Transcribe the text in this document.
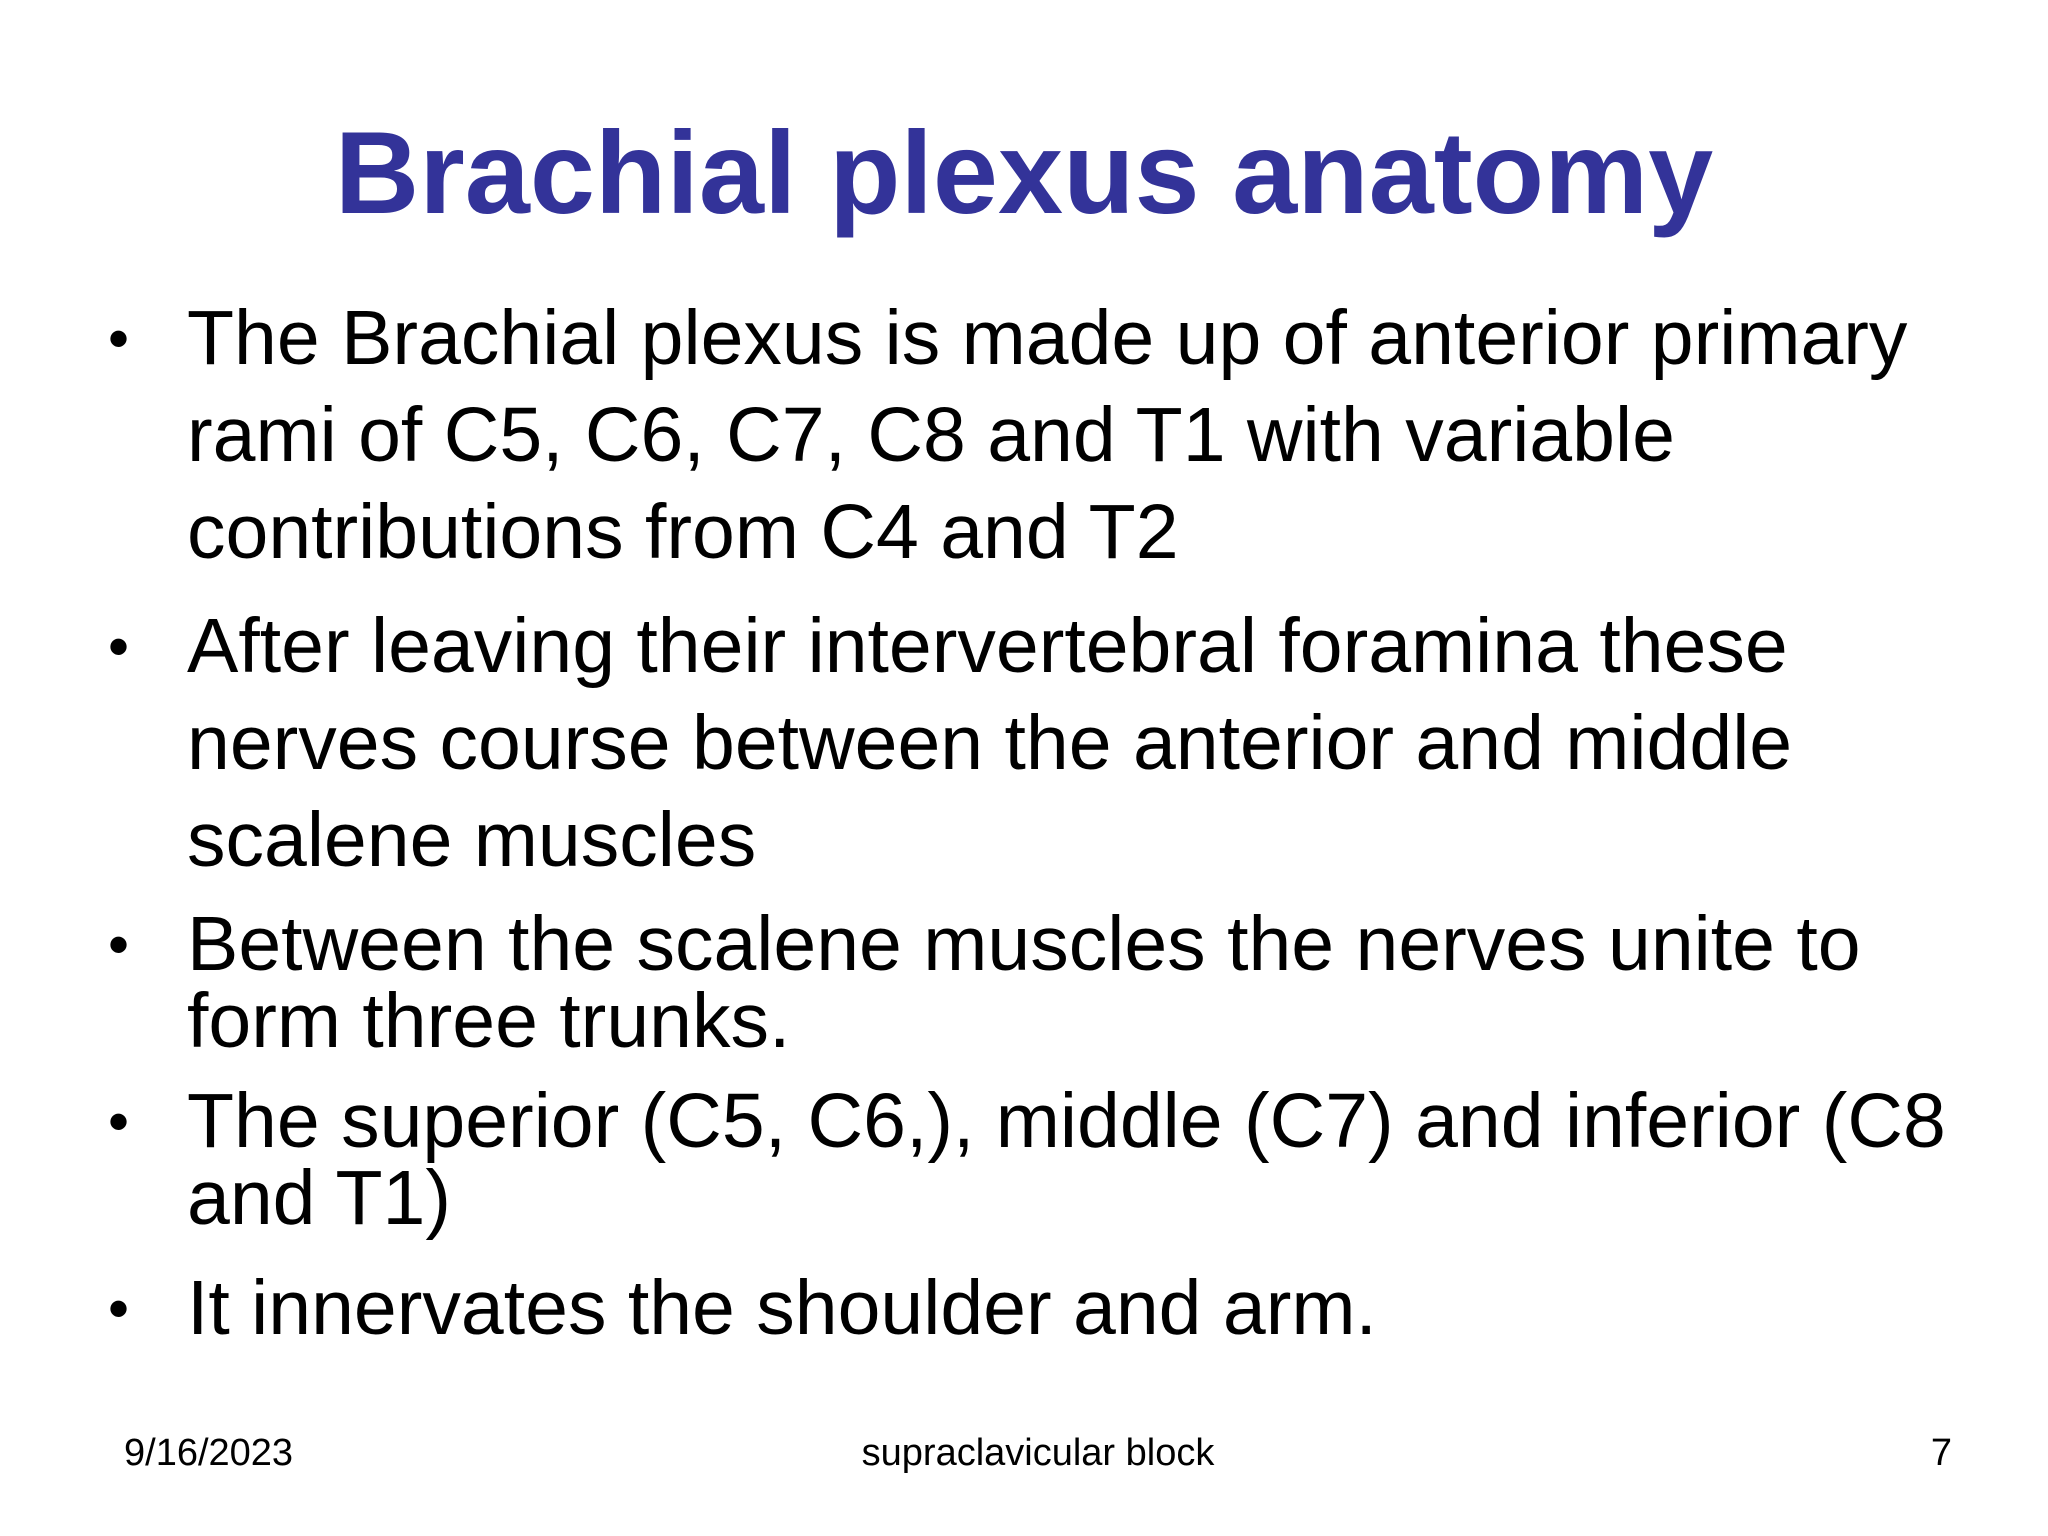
Brachial plexus anatomy
• The Brachial plexus is made up of anterior primary
rami of C5, C6, C7, C8 and T1 with variable
contributions from C4 and T2
• After leaving their intervertebral foramina these
nerves course between the anterior and middle
scalene muscles
• Between the scalene muscles the nerves unite to
form three trunks.
• The superior (C5, C6,), middle (C7) and inferior (C8
and T1)
• It innervates the shoulder and arm.
9/16/2023	supraclavicular block	7
